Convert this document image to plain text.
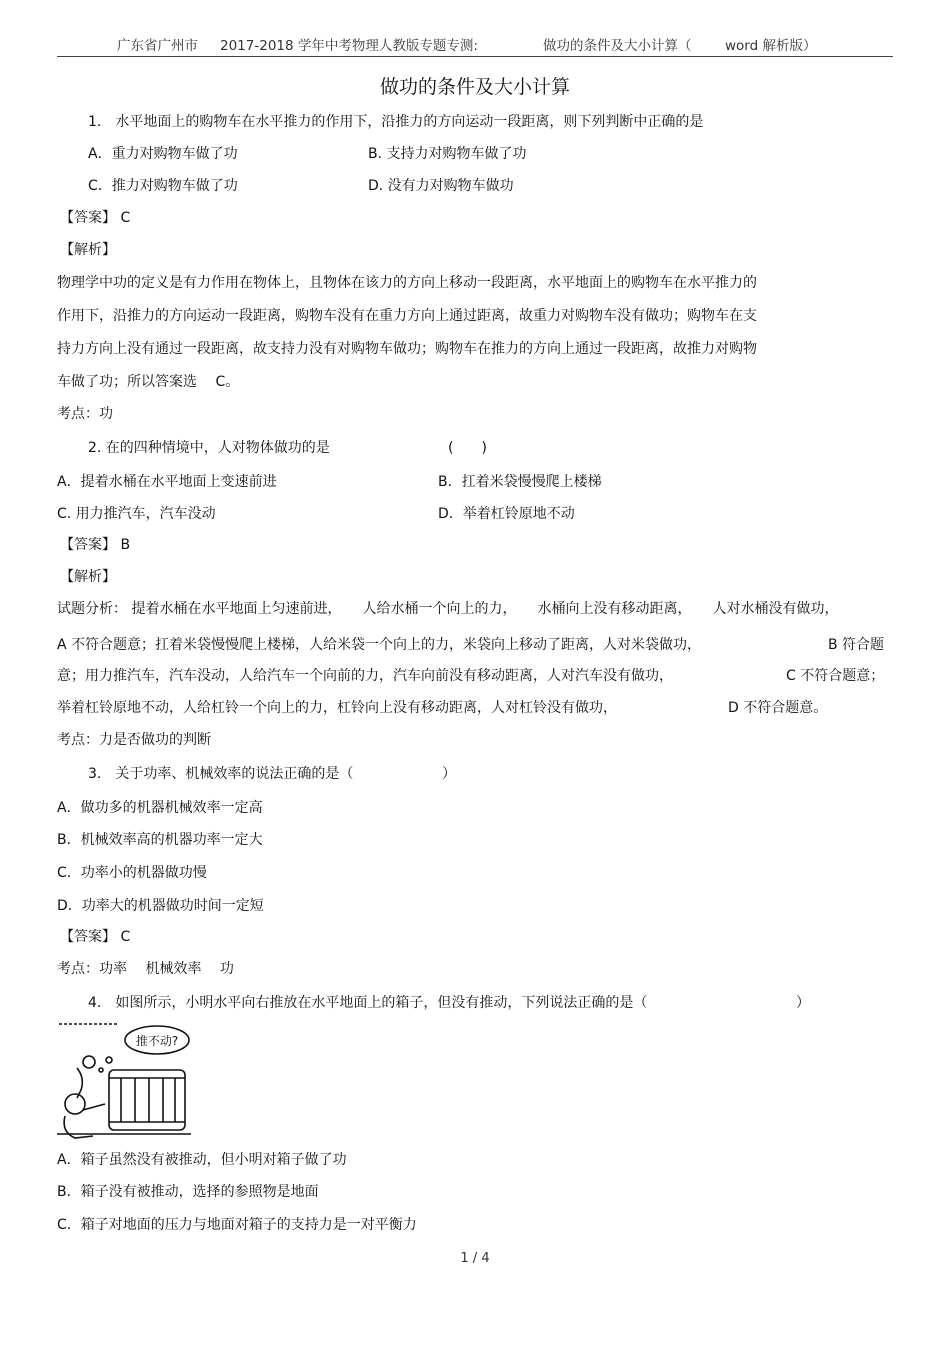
广东省广州市

2017-2018 学年中考物理人教版专题专测:

	做功的条件及大小计算（

word 解析版）

做功的条件及大小计算
1.　水平地面上的购物车在水平推力的作用下，沿推力的方向运动一段距离，则下列判断中正确的是
A．重力对购物车做了功	B. 支持力对购物车做了功
C．推力对购物车做了功	D. 没有力对购物车做功
【答案】 C
【解析】
物理学中功的定义是有力作用在物体上，且物体在该力的方向上移动一段距离，水平地面上的购物车在水平推力的
作用下，沿推力的方向运动一段距离，购物车没有在重力方向上通过距离，故重力对购物车没有做功；购物车在支
持力方向上没有通过一段距离，故支持力没有对购物车做功；购物车在推力的方向上通过一段距离，故推力对购物
车做了功；所以答案选　 C。
考点：功
2. 在的四种情境中，人对物体做功的是	(　　)
A．提着水桶在水平地面上变速前进	B．扛着米袋慢慢爬上楼梯
C. 用力推汽车，汽车没动	D．举着杠铃原地不动
【答案】 B
【解析】
试题分析： 提着水桶在水平地面上匀速前进，　　人给水桶一个向上的力，　　水桶向上没有移动距离，　　人对水桶没有做功，
A 不符合题意；扛着米袋慢慢爬上楼梯，人给米袋一个向上的力，米袋向上移动了距离，人对米袋做功，	B 符合题
意；用力推汽车，汽车没动，人给汽车一个向前的力，汽车向前没有移动距离，人对汽车没有做功，	C 不符合题意；
举着杠铃原地不动，人给杠铃一个向上的力，杠铃向上没有移动距离，人对杠铃没有做功，	D 不符合题意。
考点：力是否做功的判断
3.　关于功率、机械效率的说法正确的是（	）
A．做功多的机器机械效率一定高
B．机械效率高的机器功率一定大
C．功率小的机器做功慢
D．功率大的机器做功时间一定短
【答案】 C
考点：功率　 机械效率　 功
4.　如图所示，小明水平向右推放在水平地面上的箱子，但没有推动，下列说法正确的是（	）
推不动?
A．箱子虽然没有被推动，但小明对箱子做了功
B．箱子没有被推动，选择的参照物是地面
C．箱子对地面的压力与地面对箱子的支持力是一对平衡力
1 / 4
